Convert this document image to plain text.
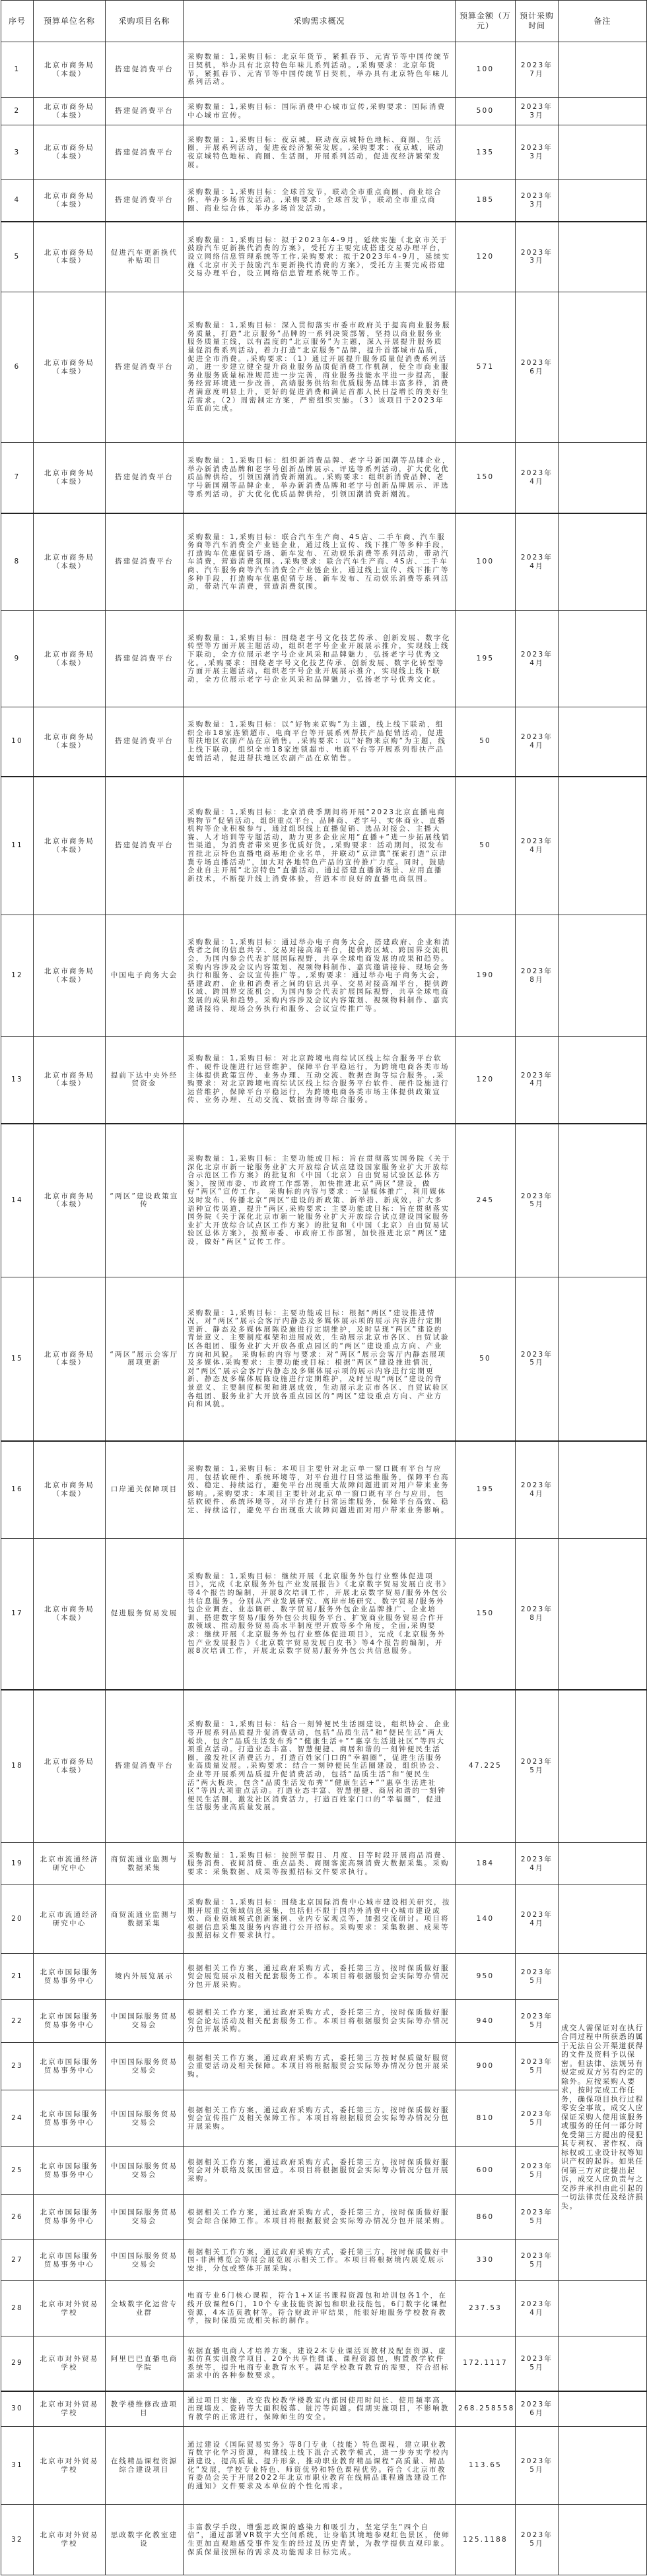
序号	预算单位名称	采购项目名称	采购需求概况	预算金额（万元）	预计采购时间	备注
1	北京市商务局（本级）	搭建促消费平台	采购数量：1,采购目标：北京年货节，紧抓春节、元宵节等中国传统节日契机，举办具有北京特色年味儿系列活动。,采购要求：北京年货节，紧抓春节、元宵节等中国传统节日契机，举办具有北京特色年味儿系列活动。	100	2023年7月	
2	北京市商务局（本级）	搭建促消费平台	采购数量：1,采购目标：国际消费中心城市宣传,采购要求：国际消费中心城市宣传。	500	2023年3月	
3	北京市商务局（本级）	搭建促消费平台	采购数量：1,采购目标：夜京城，联动夜京城特色地标、商圈、生活圈，开展系列活动，促进夜经济繁荣发展。,采购要求：夜京城，联动夜京城特色地标、商圈、生活圈，开展系列活动，促进夜经济繁荣发展。	135	2023年3月	
4	北京市商务局（本级）	搭建促消费平台	采购数量：1,采购目标：全球首发节，联动全市重点商圈、商业综合体，举办多场首发活动。,采购要求：全球首发节，联动全市重点商圈、商业综合体，举办多场首发活动。	185	2023年3月	
5	北京市商务局（本级）	促进汽车更新换代补贴项目	采购数量：1,采购目标：拟于2023年4-9月，延续实施《北京市关于鼓励汽车更新换代消费的方案》，受托方主要完成搭建交易办理平台，设立网络信息管理系统等工作,采购要求：拟于2023年4-9月，延续实施《北京市关于鼓励汽车更新换代消费的方案》，受托方主要完成搭建交易办理平台，设立网络信息管理系统等工作。	120	2023年3月	
6	北京市商务局（本级）	搭建促消费平台	采购数量：1,采购目标：深入贯彻落实市委市政府关于提高商业服务服务质量，打造“北京服务”品牌的一系列决策部署，坚持以商业服务业服务质量主线，以有温度的“北京服务”为主题，深入开展提升服务质量促消费系列活动，着力打造“北京服务”品牌，提升首都城市品质，促进全市消费。,采购要求：（1）通过开展提升服务质量促消费系列活动，进一步建立健全提升商业服务品质促消费工作机制，使全市商业服务业服务质量标准规范进一步完善，商业服务技能水平进一步提高，服务经营环境进一步改善，高端服务供给和优质服务品牌丰富多样，消费者满意度明显上升，更好的促进消费和满足首都人民日益增长的美好生活需求。（2）周密制定方案，严密组织实施。（3）该项目于2023年年底前完成。	571	2023年6月	
7	北京市商务局（本级）	搭建促消费平台	采购数量：1,采购目标：组织新消费品牌、老字号新国潮等品牌企业，举办新消费品牌和老字号创新品牌展示、评选等系列活动，扩大优化优质品牌供给，引领国潮消费新潮流。,采购要求：组织新消费品牌、老字号新国潮等品牌企业，举办新消费品牌和老字号创新品牌展示、评选等系列活动，扩大优化优质品牌供给，引领国潮消费新潮流。	150	2023年4月	
8	北京市商务局（本级）	搭建促消费平台	采购数量：1,采购目标：联合汽车生产商、4S店、二手车商、汽车服务商等汽车消费全产业链企业，通过线上宣传、线下推广等多种手段，打造购车优惠促销专场、新车发布、互动娱乐消费等系列活动，带动汽车消费，营造消费氛围。,采购要求：联合汽车生产商、4S店、二手车商、汽车服务商等汽车消费全产业链企业，通过线上宣传、线下推广等多种手段，打造购车优惠促销专场、新车发布、互动娱乐消费等系列活动，带动汽车消费，营造消费氛围。	100	2023年4月	
9	北京市商务局（本级）	搭建促消费平台	采购数量：1,采购目标：围绕老字号文化技艺传承、创新发展、数字化转型等方面开展主题活动，组织老字号企业开展展示推介，实现线上线下联动，全方位展示老字号企业风采和品牌魅力，弘扬老字号优秀文化。,采购要求：围绕老字号文化技艺传承、创新发展、数字化转型等方面开展主题活动，组织老字号企业开展展示推介，实现线上线下联动，全方位展示老字号企业风采和品牌魅力，弘扬老字号优秀文化。	195	2023年4月	
10	北京市商务局（本级）	搭建促消费平台	采购数量：1,采购目标：以“好物来京购”为主题，线上线下联动，组织全市18家连锁超市、电商平台等开展系列帮扶产品促销活动，促进帮扶地区农副产品在京销售。,采购要求：以“好物来京购”为主题，线上线下联动，组织全市18家连锁超市、电商平台等开展系列帮扶产品促销活动，促进帮扶地区农副产品在京销售。	50	2023年4月	
11	北京市商务局（本级）	搭建促消费平台	采购数量：1,采购目标：北京消费季期间将开展“2023北京直播电商购物节”促销活动，组织重点平台、品牌商、老字号、实体商业、直播机构等企业积极参与，通过组织线上直播促销、选品对接会、主播大赛、人才培训等专题活动，助力更多企业应用“直播+”进一步拓展线销售渠道，为消费者带来更多优质好货。,采购要求：活动期间，拟发布首批北京特色直播电商基地企业名单，并联动“京津冀”探索打造“京津冀专场直播活动”，加大对各地特色产品的宣传推广力度。同时，鼓励企业自主开展“北京特色”直播活动，通过搭建直播新场景、应用直播新技术，不断提升线上消费体验，营造本市良好的直播电商氛围。	50	2023年4月	
12	北京市商务局（本级）	中国电子商务大会	采购数量：1,采购目标：通过举办电子商务大会，搭建政府、企业和消费者之间的信息共享、交易对接高端平台，提供跨区域、跨国界交流机会，为国内参会代表扩展国际视野，共享全球电商发展的成果和趋势。采购内容涉及会议内容策划、视频物料制作、嘉宾邀请接待、现场会务执行和服务、会议宣传推广等。,采购要求：通过举办电子商务大会，搭建政府、企业和消费者之间的信息共享、交易对接高端平台，提供跨区域、跨国界交流机会，为国内参会代表扩展国际视野，共享全球电商发展的成果和趋势。采购内容涉及会议内容策划、视频物料制作、嘉宾邀请接待、现场会务执行和服务、会议宣传推广等。	190	2023年8月	
13	北京市商务局（本级）	提前下达中央外经贸资金	采购数量：1,采购目标：对北京跨境电商综试区线上综合服务平台软件、硬件设施进行运营维护，保障平台平稳运行，为跨境电商各类市场主体提供政策宣传、业务办理、互动交流、数据查询等综合服务。,采购要求：对北京跨境电商综试区线上综合服务平台软件、硬件设施进行运营维护，保障平台平稳运行，为跨境电商各类市场主体提供政策宣传、业务办理、互动交流、数据查询等综合服务。	120	2023年4月	
14	北京市商务局（本级）	“两区”建设政策宣传	采购数量：1,采购目标：主要功能或目标：旨在贯彻落实国务院《关于深化北京市新一轮服务业扩大开放综合试点建设国家服务业扩大开放综合示范区工作方案》的批复和《中国（北京）自由贸易试验区总体方案》，按照市委、市政府工作部署，加快推进北京“两区”建设，做好“两区”宣传工作。 采购标的内容与要求：一是媒体推广，利用媒体及时发布、传播北京“两区”建设的新政策、新举措、新成效，扩大多语种宣传渠道，提升“两区,采购要求：主要功能或目标：旨在贯彻落实国务院《关于深化北京市新一轮服务业扩大开放综合试点建设国家服务业扩大开放综合试点区工作方案》的批复和《中国（北京）自由贸易试验区总体方案》，按照市委、市政府工作部署，加快推进北京“两区”建设，做好“两区”宣传工作。	245	2023年5月	
15	北京市商务局（本级）	“两区”展示会客厅展项更新	采购数量：1,采购目标：主要功能或目标：根据“两区”建设推进情况，对“两区”展示会客厅内静态及多媒体展示项的展示内容进行定期更新、静态及多媒体展陈设施进行定期维护，及时呈现“两区”建设的背景意义、主要制度框架和进展成效，生动展示北京市各区、自贸试验区各组团、服务业扩大开放各重点园区的“两区”建设重点方向、产业方向和风貌。 采购标的内容与要求：对“两区”展示会客厅内静态展项及多媒体,采购要求：主要功能或目标：根据“两区”建设推进情况，对“两区”展示会客厅内静态及多媒体展示项的展示内容进行定期更新、静态及多媒体展陈设施进行定期维护，及时呈现“两区”建设的背景意义、主要制度框架和进展成效，生动展示北京市各区、自贸试验区各组团、服务业扩大开放各重点园区的“两区”建设重点方向、产业方向和风貌。	50	2023年5月	
16	北京市商务局（本级）	口岸通关保障项目	采购数量：1,采购目标：本项目主要针对北京单一窗口既有平台与应用，包括软硬件、系统环境等，对平台进行日常运维服务，保障平台高效、稳定、持续运行，避免平台出现重大故障问题进而对用户带来业务影响。,采购要求：本项目主要针对北京单一窗口既有平台与应用，包括软硬件、系统环境等，对平台进行日常运维服务，保障平台高效、稳定、持续运行，避免平台出现重大故障问题进而对用户带来业务影响。	195	2023年4月	
17	北京市商务局（本级）	促进服务贸易发展	采购数量：1,采购目标：继续开展《北京服务外包行业整体促进项目》，完成《北京服务外包产业发展报告》《北京数字贸易发展白皮书》等4个报告的编制，开展8次培训工作，开展北京数字贸易/服务外包公共信息服务。分别从产业发展研究、离岸市场研究、数字贸易/服务外包企业调查、业态调研、数字贸易/服务外包企业品牌推广、企业培训、搭建数字贸易/服务外包公共服务平台、扩宽商业服务贸易合作开放领域、推动服务贸易高水平制度型开放等多个角度，全面,采购要求：继续开展《北京服务外包行业整体促进项目》，完成《北京服务外包产业发展报告》《北京数字贸易发展白皮书》等4个报告的编制，开展8次培训工作，开展北京数字贸易/服务外包公共信息服务。	150	2023年8月	
18	北京市商务局（本级）	搭建促消费平台	采购数量：1,采购目标：结合一刻钟便民生活圈建设，组织协会、企业等开展系列品质提升促消费活动，包括“品质生活”和“便民生活”两大板块，包含“品质生活发布秀”“健康生活+”“惠享生活进社区”等四大项重点活动。打造业态丰富、智慧便捷、商居和谐的一刻钟便民生活圈，激发社区消费活力，打造百姓家门口的“幸福圈”，促进生活服务业高质量发展。,采购要求：结合一刻钟便民生活圈建设，组织协会、企业等开展系列品质提升促消费活动，包括“品质生活”和“便民生活”两大板块，包含“品质生活发布秀”“健康生活+”“惠享生活进社区”等四大项重点活动。打造业态丰富、智慧便捷、商居和谐的一刻钟便民生活圈，激发社区消费活力，打造百姓家门口的“幸福圈”，促进生活服务业高质量发展。	47.225	2023年5月	
19	北京市流通经济研究中心	商贸流通业监测与数据采集	采购数量：1,采购目标：按照节假日、月度、日等时段开展商品消费、服务消费、夜间消费、重点品类、商圈客流高频消费大数据采集。采购要求：采集数据、成果等按照招标文件要求执行。	184	2023年4月	
20	北京市流通经济研究中心	商贸流通业监测与数据采集	采购数量：1,采购目标：围绕北京国际消费中心城市建设相关研究，按期开展重点领域信息采集，包括但不限于国内外消费中心城市建设成效、商业领域模式创新案例、业内专家观点等，加强交流研讨。项目将根据信息采集及服务内容进行公开招标。采购要求：采集数据、成果等按照招标文件要求执行。	140	2023年4月	
21	北京市国际服务贸易事务中心	境内外展览展示	根据相关工作方案，通过政府采购方式，委托第三方，按时保质做好服贸会展览展示及相关配套服务工作。本项目将根据服贸会实际筹办情况分包开展采购。	950	2023年5月	成交人需保证对在执行合同过程中所获悉的属于无法自公开渠道获得的文件及资料予以保密。但法律、法规另有规定或双方另有约定的除外。应按采购人要求，按时完成工作任务，确保项目执行过程零安全事故。成交人应保证采购人使用该服务或服务的任何一部分时免受第三方提出的侵犯其专利权、著作权、商标权或工业设计权等知识产权的起诉。如果任何第三方对此提出起诉，成交人应负责与之交涉并承担由此引起的一切法律责任及经济损失。
22	北京市国际服务贸易事务中心	中国国际服务贸易交易会	根据相关工作方案，通过政府采购方式，委托第三方，按时保质做好服贸会论坛活动及相关配套服务工作。本项目将根据服贸会实际筹办情况分包开展采购。	940	2023年5月	
23	北京市国际服务贸易事务中心	中国国际服务贸易交易会	根据相关工作方案，通过政府采购方式，委托第三方按时保质做好服贸会重要活动及相关保障。本项目将根据服贸会实际筹办情况分包开展采购。	900	2023年5月	
24	北京市国际服务贸易事务中心	中国国际服务贸易交易会	根据相关工作方案，通过政府采购方式，委托第三方，按时保质做好服贸会宣传推广及相关保障工作。本项目将根据服贸会实际筹办情况分包开展采购。	810	2023年5月	
25	北京市国际服务贸易事务中心	中国国际服务贸易交易会	根据相关工作方案，通过政府采购方式，委托第三方，按时保质做好服贸会对外联络及氛围营造。本项目将根据服贸会实际筹办情况分包开展采购。	600	2023年5月	
26	北京市国际服务贸易事务中心	中国国际服务贸易交易会	根据相关工作方案，通过政府采购方式，委托第三方，按时保质做好服贸会综合保障工作。本项目将根据服贸会实际筹办情况分包开展采购。	860	2023年5月	
27	北京市国际服务贸易事务中心	中国国际服务贸易交易会	根据相关工作方案，通过政府采购方式，委托第三方，按时保质做好中国-非洲博览会等展会展览展示相关工作。本项目将根据境内展览展示安排，分包或整体开展采购。	330	2023年5月	
28	北京市对外贸易学校	全域数字化运营专业群	电商专业6门核心课程，符合1+X证书课程资源包和培训包各1个，在线开放课程6门，10个专业技能资源包和职业技能包，6门数字化课程资源，4本活页教材等。符合财政评审结果，能很好地服务学校教育教学，按时保质完成相关标的制作。	237.53	2023年4月	
29	北京市对外贸易学校	阿里巴巴直播电商学院	依据直播电商人才培养方案，建设2本专业课活页教材及配套资源、虚拟仿真实训教学项目、20个共享性微课、课程资源包，购置教学软件系统等，提升电商专业教育水平。满足学校教育教育的需要，符合招标需求中的各种参数要求。	172.1117	2023年5月	
30	北京市对外贸易学校	教学楼维修改造项目	通过项目实施，改变我校教学楼教室内部因使用时间长、使用频率高，出现墙皮、瓷砖等大面积脱落、脏污等问题。假期实施项目，不影响教育教学的正常进行，保障师生的安全。	268.258558	2023年6月	
31	北京市对外贸易学校	在线精品课程资源综合建设项目	通过建设《国际贸易实务》等8门专业（技能）特色课程，建立职业教育数字化学习资源，构建线上线下混合式教学模式，进一步夯实学校内涵建设，提高质量、提升形象，推动职业教育精品课程“高质量、精品化”发展，学校专业特色、师资优势和特色课程优势。符合《北京市教育委员会关于开展2022年北京市职业教育在线精品课程遴选建设工作的通知》文件要求及本单位的个性化需求。	113.65	2023年5月	
32	北京市对外贸易学校	思政数字化教室建设	丰富教学手段，增强思政课的感染力和吸引力，坚定学生“四个自信”，通过部署VR数字大空间系统，让身临其境地参观红色景区，使师生更加直观地感受事件发生的经过及历史背景，为教学提供直观印象。保质保量按照标的需求及功能需求目标完成。	125.1188	2023年5月	
